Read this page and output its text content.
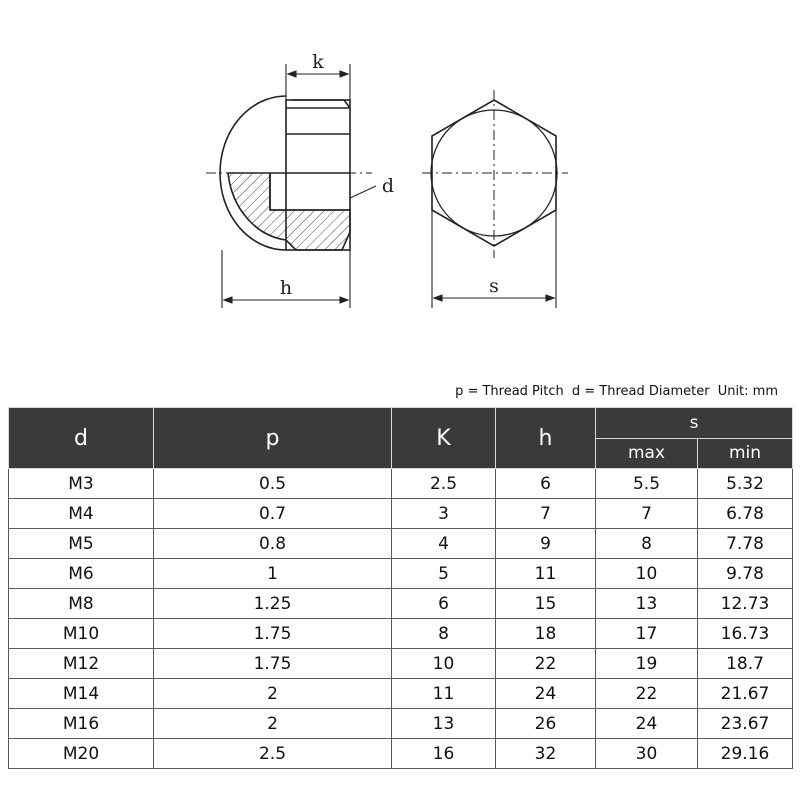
k
d
h	s
p = Thread Pitch d = Thread Diameter Unit: mm
d	p	K	h	s	
				max	min
M3	0.5	2.5	6	5.5	5.32
M4	0.7	3	7	7	6.78
M5	0.8	4	9	8	7.78
M6	1	5	11	10	9.78
M8	1.25	6	15	13	12.73
M10	1.75	8	18	17	16.73
M12	1.75	10	22	19	18.7
M14	2	11	24	22	21.67
M16	2	13	26	24	23.67
M20	2.5	16	32	30	29.16
